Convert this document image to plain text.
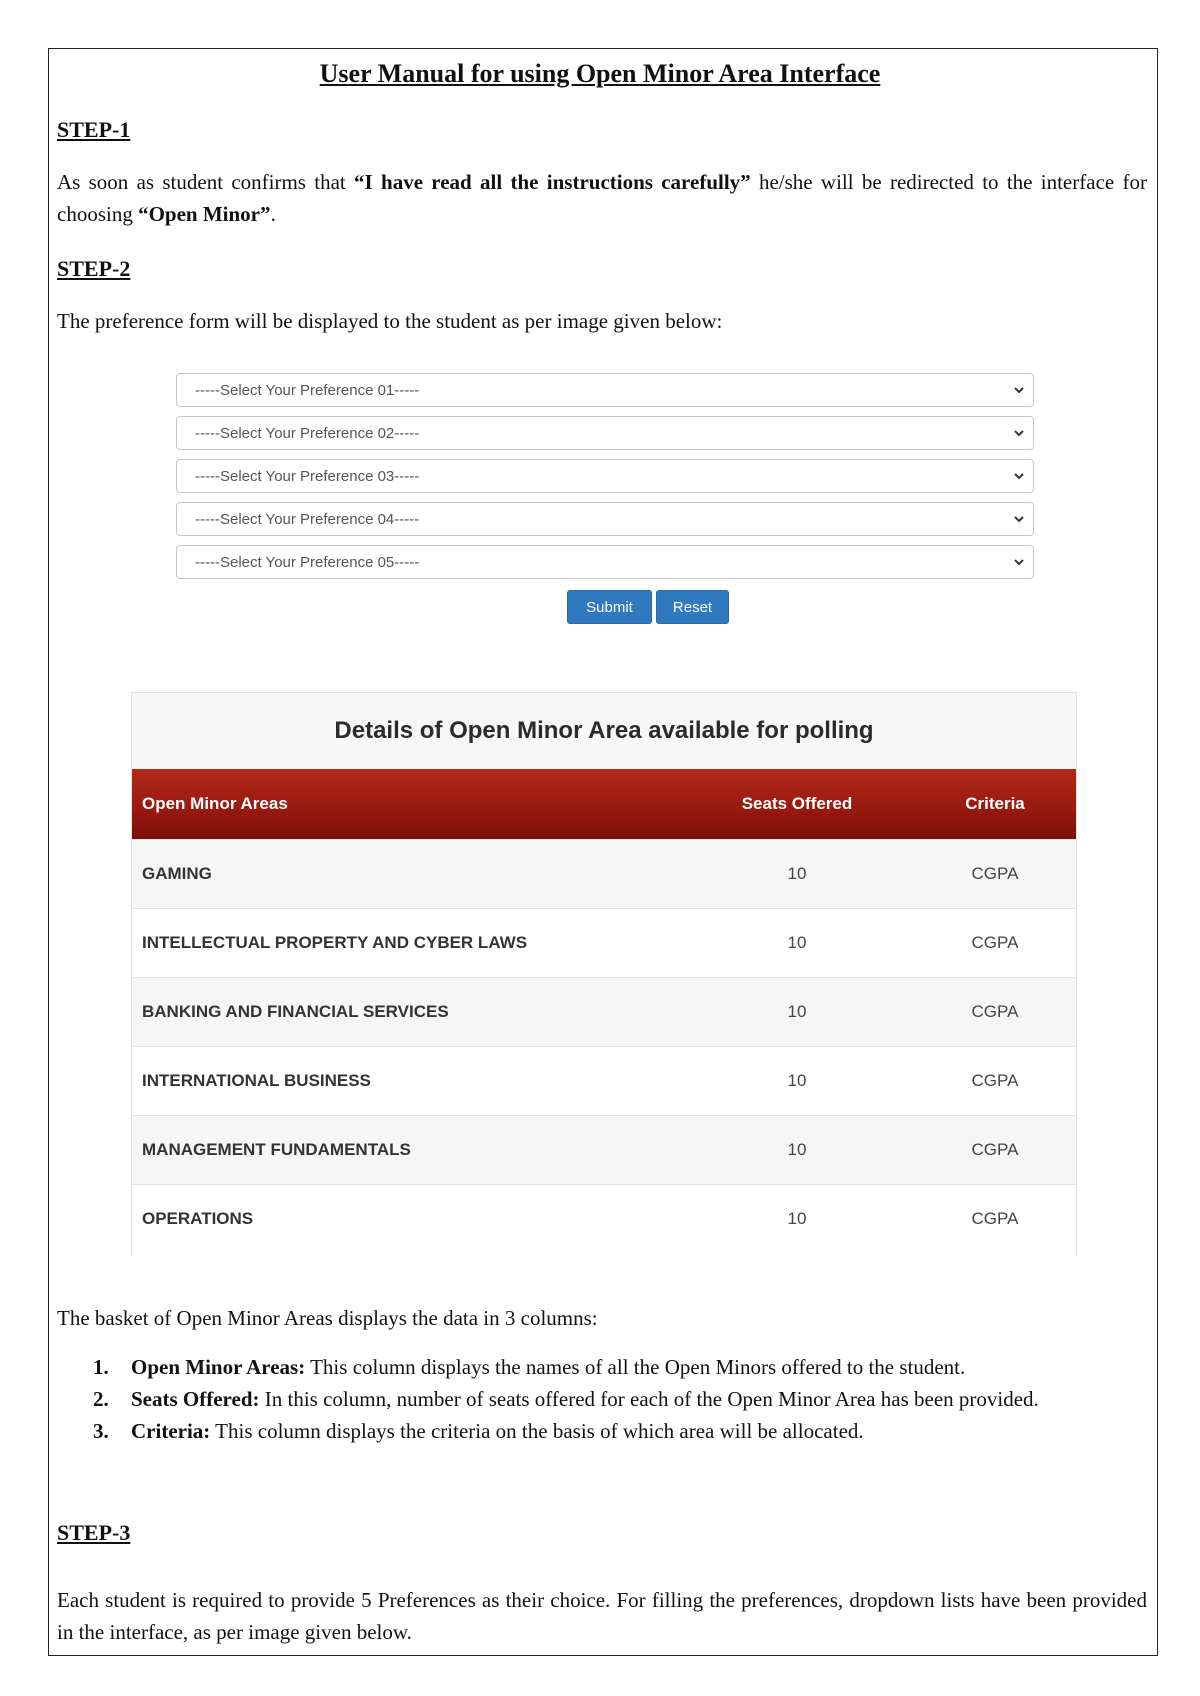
User Manual for using Open Minor Area Interface
STEP-1
As soon as student confirms that “I have read all the instructions carefully” he/she will be redirected to the interface for choosing “Open Minor”.
STEP-2
The preference form will be displayed to the student as per image given below:
-----Select Your Preference 01-----
-----Select Your Preference 02-----
-----Select Your Preference 03-----
-----Select Your Preference 04-----
-----Select Your Preference 05-----
Submit	Reset
Details of Open Minor Area available for polling
Open Minor Areas	Seats Offered	Criteria
GAMING	10	CGPA
INTELLECTUAL PROPERTY AND CYBER LAWS	10	CGPA
BANKING AND FINANCIAL SERVICES	10	CGPA
INTERNATIONAL BUSINESS	10	CGPA
MANAGEMENT FUNDAMENTALS	10	CGPA
OPERATIONS	10	CGPA
The basket of Open Minor Areas displays the data in 3 columns:
1. Open Minor Areas: This column displays the names of all the Open Minors offered to the student.
2. Seats Offered: In this column, number of seats offered for each of the Open Minor Area has been provided.
3. Criteria: This column displays the criteria on the basis of which area will be allocated.
STEP-3
Each student is required to provide 5 Preferences as their choice. For filling the preferences, dropdown lists have been provided in the interface, as per image given below.
